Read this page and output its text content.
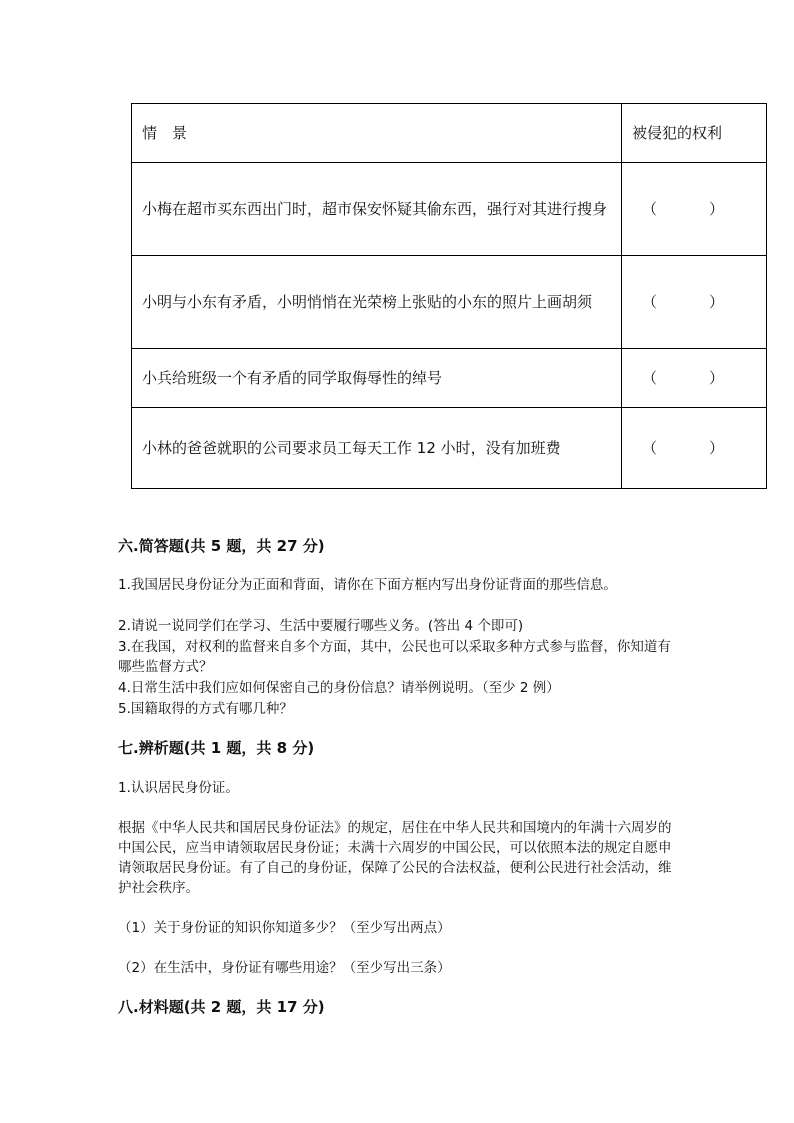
情　景	被侵犯的权利
小梅在超市买东西出门时，超市保安怀疑其偷东西，强行对其进行搜身	（ ）
小明与小东有矛盾，小明悄悄在光荣榜上张贴的小东的照片上画胡须	（ ）
小兵给班级一个有矛盾的同学取侮辱性的绰号	（ ）
小林的爸爸就职的公司要求员工每天工作 12 小时，没有加班费	（ ）
六.简答题(共 5 题，共 27 分)
1.我国居民身份证分为正面和背面，请你在下面方框内写出身份证背面的那些信息。
2.请说一说同学们在学习、生活中要履行哪些义务。(答出 4 个即可)
3.在我国，对权利的监督来自多个方面，其中，公民也可以采取多种方式参与监督，你知道有哪些监督方式？
4.日常生活中我们应如何保密自己的身份信息？请举例说明。（至少 2 例）
5.国籍取得的方式有哪几种？
七.辨析题(共 1 题，共 8 分)
1.认识居民身份证。
根据《中华人民共和国居民身份证法》的规定，居住在中华人民共和国境内的年满十六周岁的中国公民，应当申请领取居民身份证；未满十六周岁的中国公民，可以依照本法的规定自愿申请领取居民身份证。有了自己的身份证，保障了公民的合法权益，便利公民进行社会活动，维护社会秩序。
（1）关于身份证的知识你知道多少？（至少写出两点）
（2）在生活中，身份证有哪些用途？（至少写出三条）
八.材料题(共 2 题，共 17 分)
